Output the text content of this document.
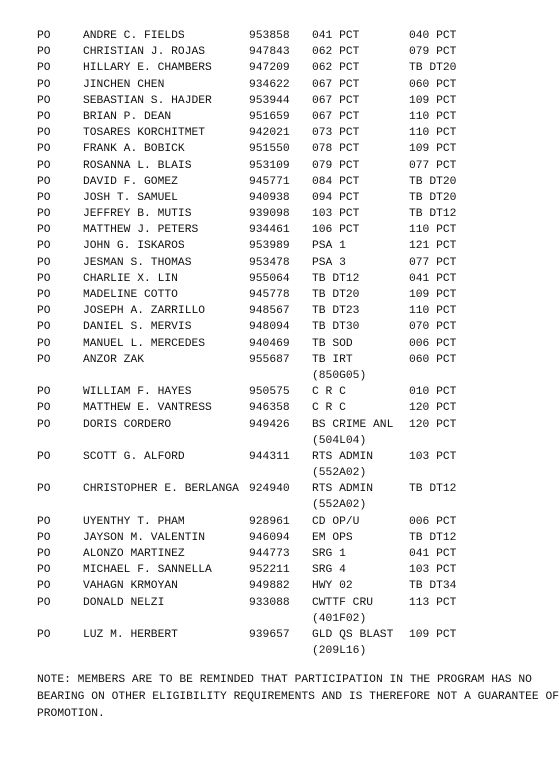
PO	ANDRE C. FIELDS	953858 041 PCT	040 PCT
PO	CHRISTIAN J. ROJAS	947843 062 PCT	079 PCT
PO	HILLARY E. CHAMBERS	947209 062 PCT	TB DT20
PO	JINCHEN CHEN	934622 067 PCT	060 PCT
PO	SEBASTIAN S. HAJDER	953944 067 PCT	109 PCT
PO	BRIAN P. DEAN	951659 067 PCT	110 PCT
PO	TOSARES KORCHITMET	942021 073 PCT	110 PCT
PO	FRANK A. BOBICK	951550 078 PCT	109 PCT
PO	ROSANNA L. BLAIS	953109 079 PCT	077 PCT
PO	DAVID F. GOMEZ	945771 084 PCT	TB DT20
PO	JOSH T. SAMUEL	940938 094 PCT	TB DT20
PO	JEFFREY B. MUTIS	939098 103 PCT	TB DT12
PO	MATTHEW J. PETERS	934461 106 PCT	110 PCT
PO	JOHN G. ISKAROS	953989 PSA 1	121 PCT
PO	JESMAN S. THOMAS	953478 PSA 3	077 PCT
PO	CHARLIE X. LIN	955064 TB DT12	041 PCT
PO	MADELINE COTTO	945778 TB DT20	109 PCT
PO	JOSEPH A. ZARRILLO	948567 TB DT23	110 PCT
PO	DANIEL S. MERVIS	948094 TB DT30	070 PCT
PO	MANUEL L. MERCEDES	940469 TB SOD	006 PCT
PO	ANZOR ZAK	955687 TB IRT	060 PCT
(850G05)
PO	WILLIAM F. HAYES	950575 C R C	010 PCT
PO	MATTHEW E. VANTRESS	946358 C R C	120 PCT
PO	DORIS CORDERO	949426 BS CRIME ANL 120 PCT
(504L04)
PO	SCOTT G. ALFORD	944311 RTS ADMIN	103 PCT
(552A02)
PO	CHRISTOPHER E. BERLANGA 924940 RTS ADMIN	TB DT12
(552A02)
PO	UYENTHY T. PHAM	928961 CD OP/U	006 PCT
PO	JAYSON M. VALENTIN	946094 EM OPS	TB DT12
PO	ALONZO MARTINEZ	944773 SRG 1	041 PCT
PO	MICHAEL F. SANNELLA	952211 SRG 4	103 PCT
PO	VAHAGN KRMOYAN	949882 HWY 02	TB DT34
PO	DONALD NELZI	933088 CWTTF CRU	113 PCT
(401F02)
PO	LUZ M. HERBERT	939657 GLD QS BLAST 109 PCT
(209L16)
NOTE: MEMBERS ARE TO BE REMINDED THAT PARTICIPATION IN THE PROGRAM HAS NO
BEARING ON OTHER ELIGIBILITY REQUIREMENTS AND IS THEREFORE NOT A GUARANTEE OF
PROMOTION.
